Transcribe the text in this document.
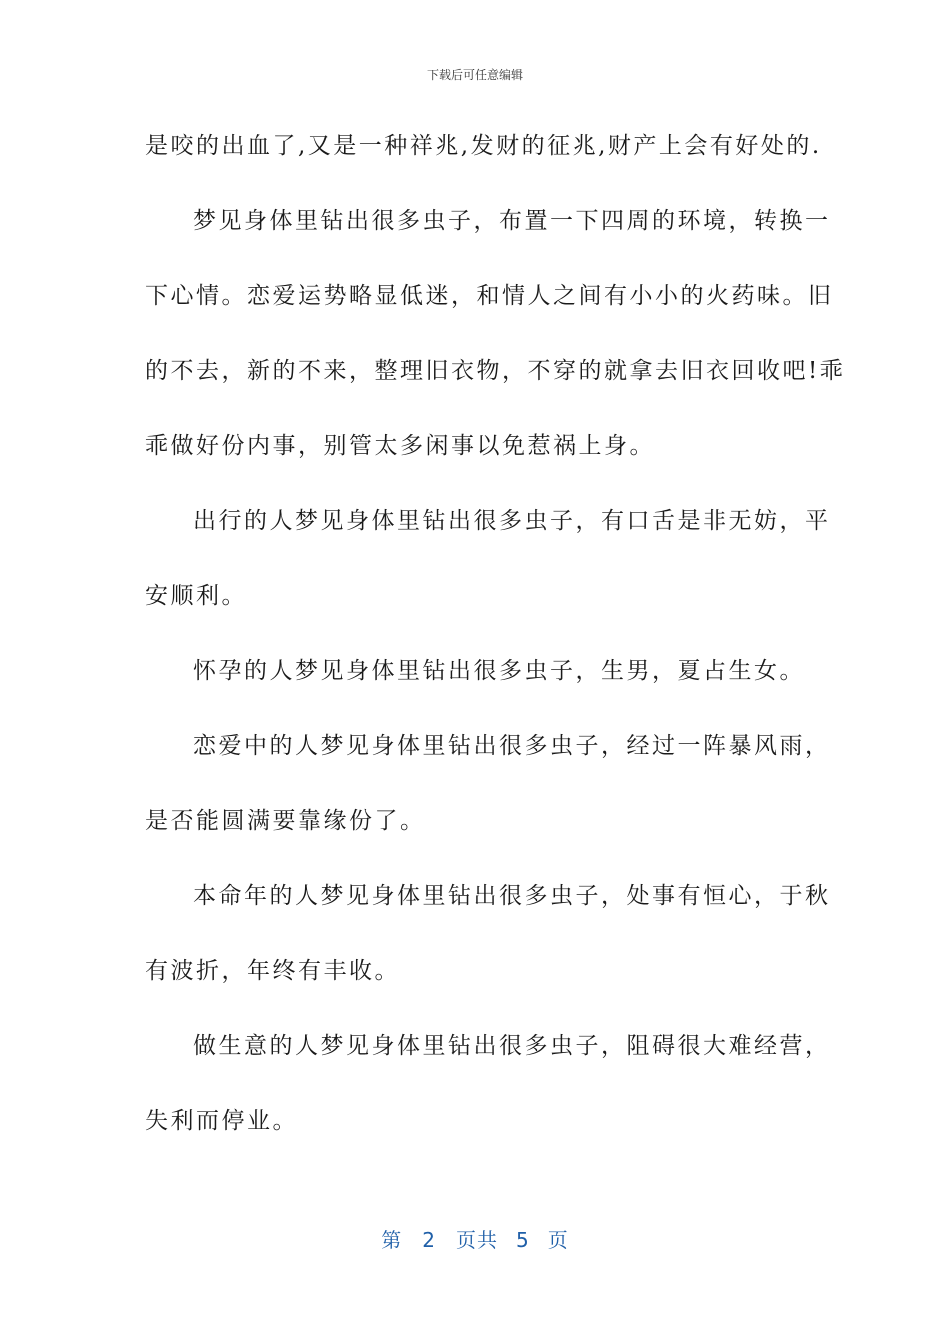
下载后可任意编辑
是咬的出血了,又是一种祥兆,发财的征兆,财产上会有好处的.
梦见身体里钻出很多虫子，布置一下四周的环境，转换一
下心情。恋爱运势略显低迷，和情人之间有小小的火药味。旧
的不去，新的不来，整理旧衣物，不穿的就拿去旧衣回收吧!乖
乖做好份内事，别管太多闲事以免惹祸上身。
出行的人梦见身体里钻出很多虫子，有口舌是非无妨，平
安顺利。
怀孕的人梦见身体里钻出很多虫子，生男，夏占生女。
恋爱中的人梦见身体里钻出很多虫子，经过一阵暴风雨，
是否能圆满要靠缘份了。
本命年的人梦见身体里钻出很多虫子，处事有恒心，于秋
有波折，年终有丰收。
做生意的人梦见身体里钻出很多虫子，阻碍很大难经营，
失利而停业。
第 2 页共 5 页
